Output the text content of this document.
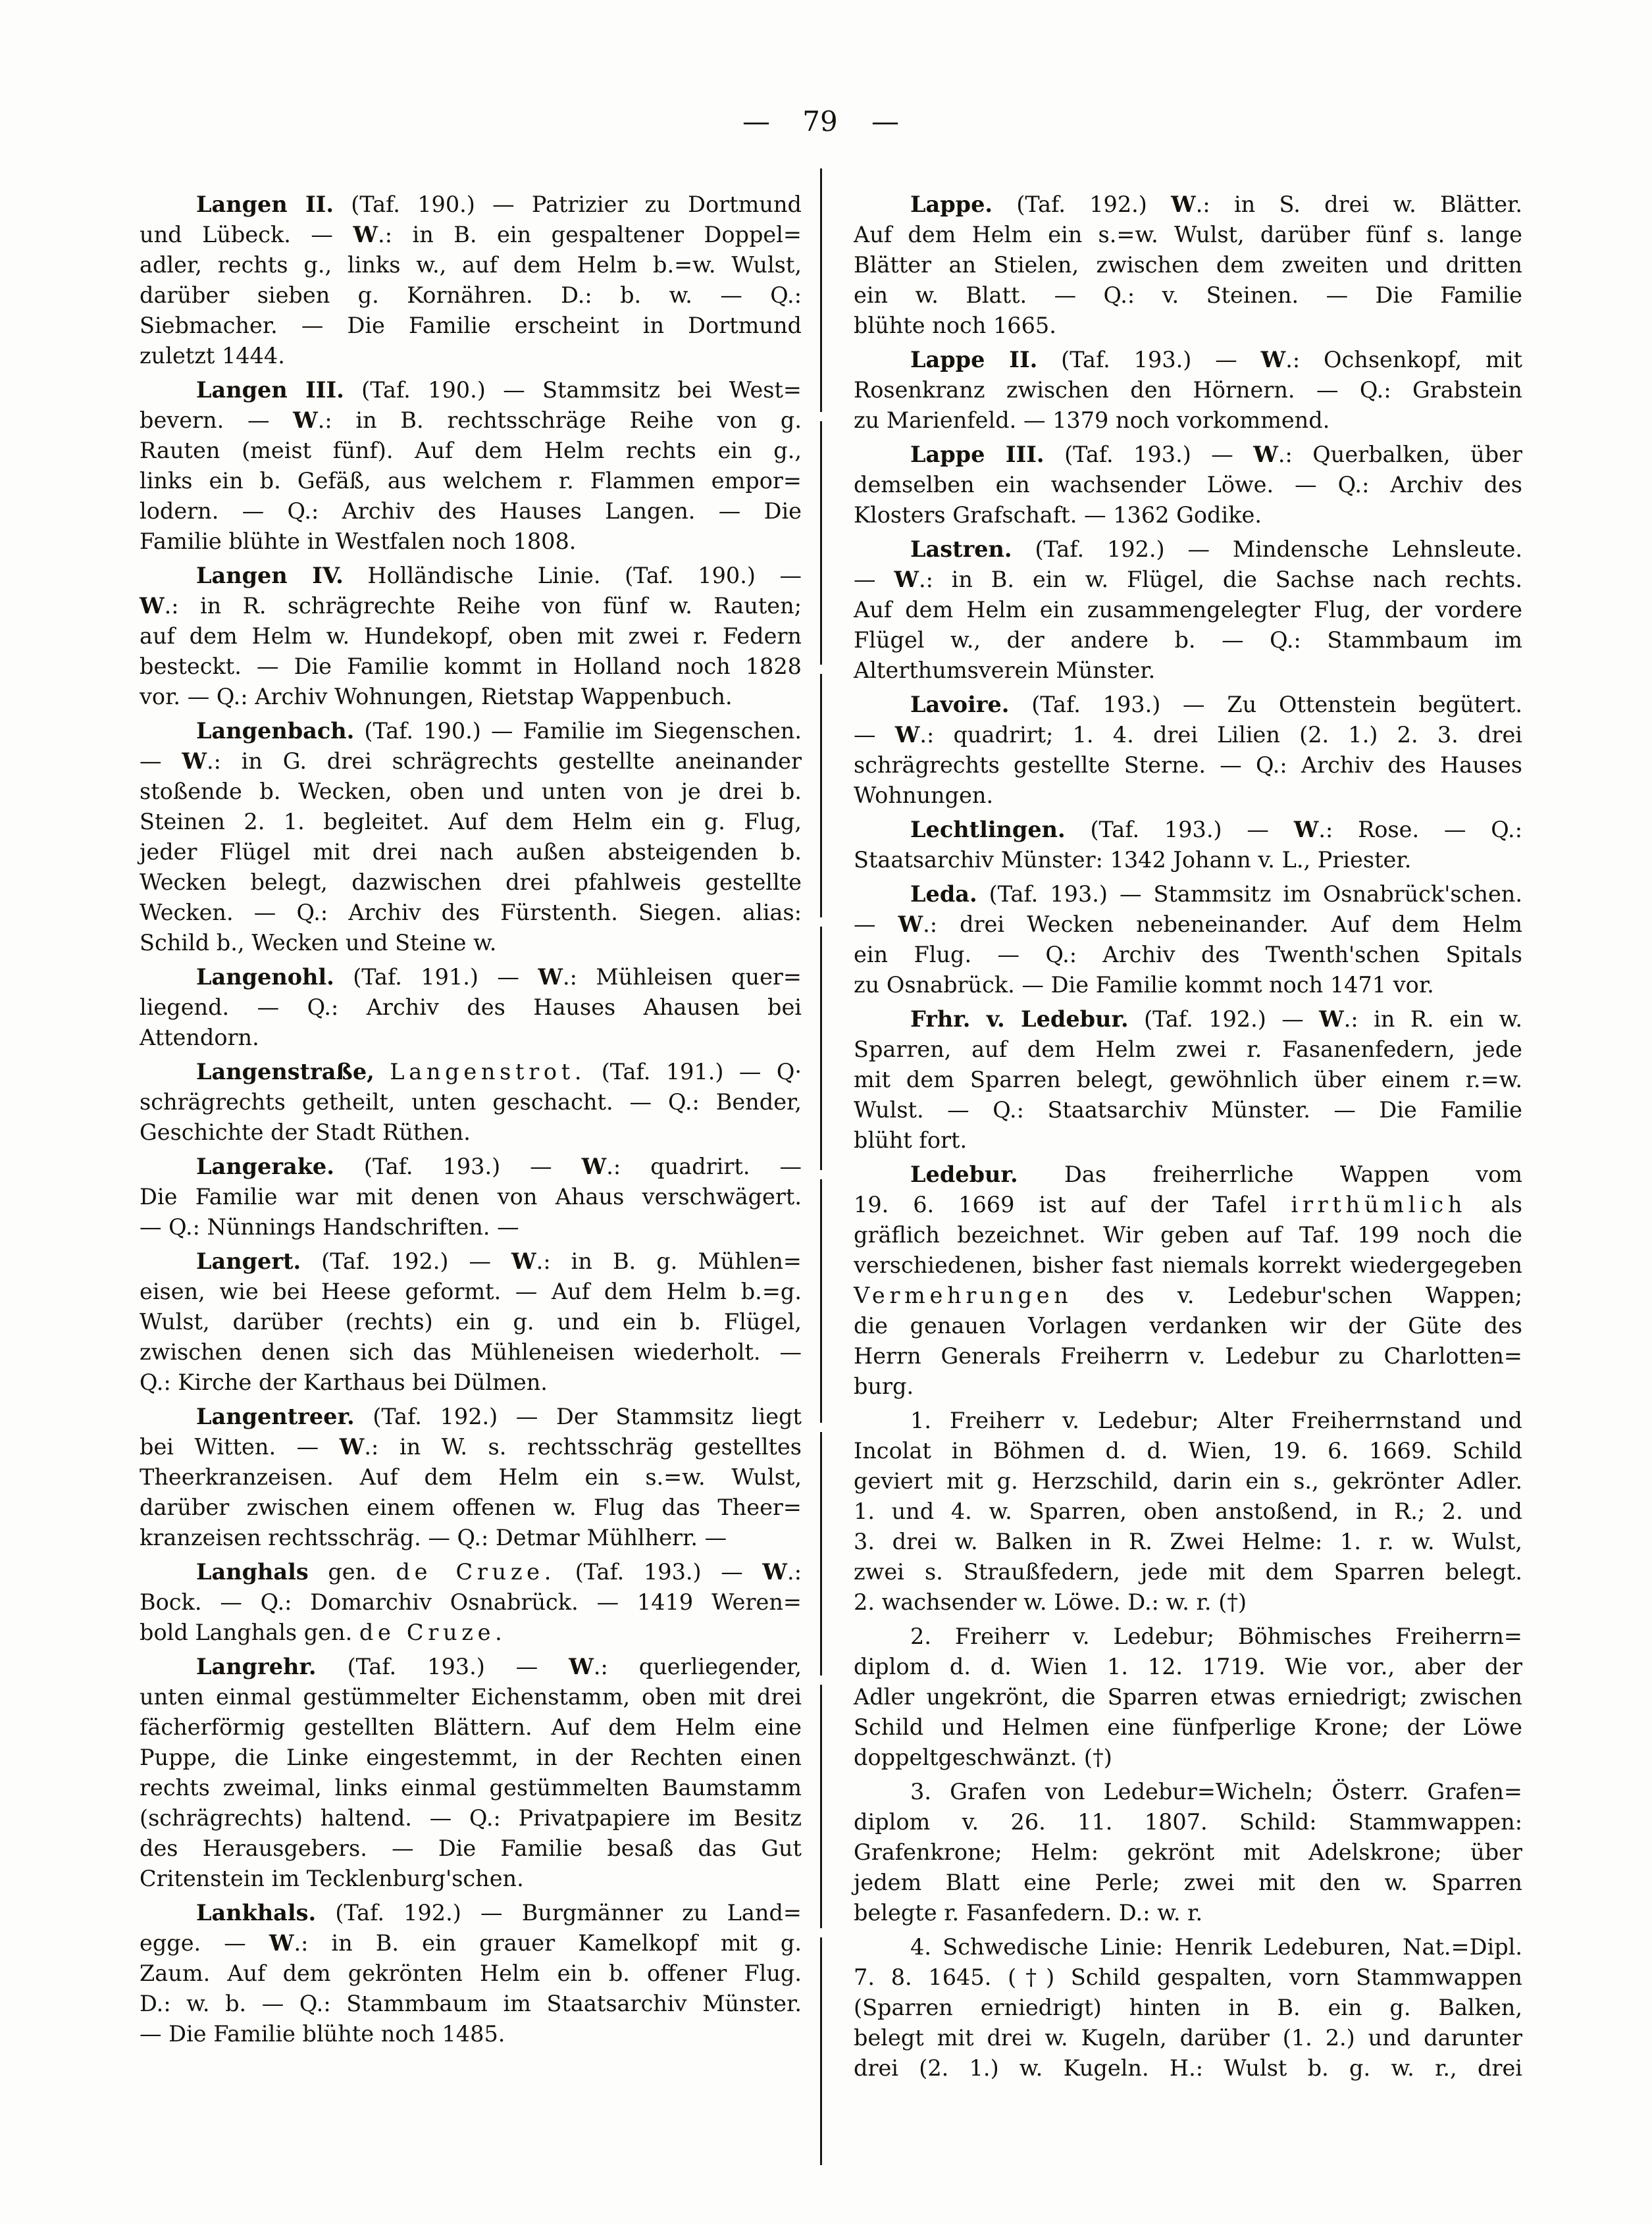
— 79 —
Langen II. (Taf. 190.) — Patrizier zu Dortmund
und Lübeck. — W.: in B. ein gespaltener Doppel=
adler, rechts g., links w., auf dem Helm b.=w. Wulst,
darüber sieben g. Kornähren. D.: b. w. — Q.:
Siebmacher. — Die Familie erscheint in Dortmund
zuletzt 1444.
Langen III. (Taf. 190.) — Stammsitz bei West=
bevern. — W.: in B. rechtsschräge Reihe von g.
Rauten (meist fünf). Auf dem Helm rechts ein g.,
links ein b. Gefäß, aus welchem r. Flammen empor=
lodern. — Q.: Archiv des Hauses Langen. — Die
Familie blühte in Westfalen noch 1808.
Langen IV. Holländische Linie. (Taf. 190.) —
W.: in R. schrägrechte Reihe von fünf w. Rauten;
auf dem Helm w. Hundekopf, oben mit zwei r. Federn
besteckt. — Die Familie kommt in Holland noch 1828
vor. — Q.: Archiv Wohnungen, Rietstap Wappenbuch.
Langenbach. (Taf. 190.) — Familie im Siegenschen.
— W.: in G. drei schrägrechts gestellte aneinander
stoßende b. Wecken, oben und unten von je drei b.
Steinen 2. 1. begleitet. Auf dem Helm ein g. Flug,
jeder Flügel mit drei nach außen absteigenden b.
Wecken belegt, dazwischen drei pfahlweis gestellte
Wecken. — Q.: Archiv des Fürstenth. Siegen. alias:
Schild b., Wecken und Steine w.
Langenohl. (Taf. 191.) — W.: Mühleisen quer=
liegend. — Q.: Archiv des Hauses Ahausen bei
Attendorn.
Langenstraße, Langenstrot. (Taf. 191.) — Q·
schrägrechts getheilt, unten geschacht. — Q.: Bender,
Geschichte der Stadt Rüthen.
Langerake. (Taf. 193.) — W.: quadrirt. —
Die Familie war mit denen von Ahaus verschwägert.
— Q.: Nünnings Handschriften. —
Langert. (Taf. 192.) — W.: in B. g. Mühlen=
eisen, wie bei Heese geformt. — Auf dem Helm b.=g.
Wulst, darüber (rechts) ein g. und ein b. Flügel,
zwischen denen sich das Mühleneisen wiederholt. —
Q.: Kirche der Karthaus bei Dülmen.
Langentreer. (Taf. 192.) — Der Stammsitz liegt
bei Witten. — W.: in W. s. rechtsschräg gestelltes
Theerkranzeisen. Auf dem Helm ein s.=w. Wulst,
darüber zwischen einem offenen w. Flug das Theer=
kranzeisen rechtsschräg. — Q.: Detmar Mühlherr. —
Langhals gen. de Cruze. (Taf. 193.) — W.:
Bock. — Q.: Domarchiv Osnabrück. — 1419 Weren=
bold Langhals gen. de Cruze.
Langrehr. (Taf. 193.) — W.: querliegender,
unten einmal gestümmelter Eichenstamm, oben mit drei
fächerförmig gestellten Blättern. Auf dem Helm eine
Puppe, die Linke eingestemmt, in der Rechten einen
rechts zweimal, links einmal gestümmelten Baumstamm
(schrägrechts) haltend. — Q.: Privatpapiere im Besitz
des Herausgebers. — Die Familie besaß das Gut
Critenstein im Tecklenburg'schen.
Lankhals. (Taf. 192.) — Burgmänner zu Land=
egge. — W.: in B. ein grauer Kamelkopf mit g.
Zaum. Auf dem gekrönten Helm ein b. offener Flug.
D.: w. b. — Q.: Stammbaum im Staatsarchiv Münster.
— Die Familie blühte noch 1485.
Lappe. (Taf. 192.) W.: in S. drei w. Blätter.
Auf dem Helm ein s.=w. Wulst, darüber fünf s. lange
Blätter an Stielen, zwischen dem zweiten und dritten
ein w. Blatt. — Q.: v. Steinen. — Die Familie
blühte noch 1665.
Lappe II. (Taf. 193.) — W.: Ochsenkopf, mit
Rosenkranz zwischen den Hörnern. — Q.: Grabstein
zu Marienfeld. — 1379 noch vorkommend.
Lappe III. (Taf. 193.) — W.: Querbalken, über
demselben ein wachsender Löwe. — Q.: Archiv des
Klosters Grafschaft. — 1362 Godike.
Lastren. (Taf. 192.) — Mindensche Lehnsleute.
— W.: in B. ein w. Flügel, die Sachse nach rechts.
Auf dem Helm ein zusammengelegter Flug, der vordere
Flügel w., der andere b. — Q.: Stammbaum im
Alterthumsverein Münster.
Lavoire. (Taf. 193.) — Zu Ottenstein begütert.
— W.: quadrirt; 1. 4. drei Lilien (2. 1.) 2. 3. drei
schrägrechts gestellte Sterne. — Q.: Archiv des Hauses
Wohnungen.
Lechtlingen. (Taf. 193.) — W.: Rose. — Q.:
Staatsarchiv Münster: 1342 Johann v. L., Priester.
Leda. (Taf. 193.) — Stammsitz im Osnabrück'schen.
— W.: drei Wecken nebeneinander. Auf dem Helm
ein Flug. — Q.: Archiv des Twenth'schen Spitals
zu Osnabrück. — Die Familie kommt noch 1471 vor.
Frhr. v. Ledebur. (Taf. 192.) — W.: in R. ein w.
Sparren, auf dem Helm zwei r. Fasanenfedern, jede
mit dem Sparren belegt, gewöhnlich über einem r.=w.
Wulst. — Q.: Staatsarchiv Münster. — Die Familie
blüht fort.
Ledebur. Das freiherrliche Wappen vom
19. 6. 1669 ist auf der Tafel irrthümlich als
gräflich bezeichnet. Wir geben auf Taf. 199 noch die
verschiedenen, bisher fast niemals korrekt wiedergegeben
Vermehrungen des v. Ledebur'schen Wappen;
die genauen Vorlagen verdanken wir der Güte des
Herrn Generals Freiherrn v. Ledebur zu Charlotten=
burg.
1. Freiherr v. Ledebur; Alter Freiherrnstand und
Incolat in Böhmen d. d. Wien, 19. 6. 1669. Schild
geviert mit g. Herzschild, darin ein s., gekrönter Adler.
1. und 4. w. Sparren, oben anstoßend, in R.; 2. und
3. drei w. Balken in R. Zwei Helme: 1. r. w. Wulst,
zwei s. Straußfedern, jede mit dem Sparren belegt.
2. wachsender w. Löwe. D.: w. r. (†)
2. Freiherr v. Ledebur; Böhmisches Freiherrn=
diplom d. d. Wien 1. 12. 1719. Wie vor., aber der
Adler ungekrönt, die Sparren etwas erniedrigt; zwischen
Schild und Helmen eine fünfperlige Krone; der Löwe
doppeltgeschwänzt. (†)
3. Grafen von Ledebur=Wicheln; Österr. Grafen=
diplom v. 26. 11. 1807. Schild: Stammwappen:
Grafenkrone; Helm: gekrönt mit Adelskrone; über
jedem Blatt eine Perle; zwei mit den w. Sparren
belegte r. Fasanfedern. D.: w. r.
4. Schwedische Linie: Henrik Ledeburen, Nat.=Dipl.
7. 8. 1645. (†) Schild gespalten, vorn Stammwappen
(Sparren erniedrigt) hinten in B. ein g. Balken,
belegt mit drei w. Kugeln, darüber (1. 2.) und darunter
drei (2. 1.) w. Kugeln. H.: Wulst b. g. w. r., drei
